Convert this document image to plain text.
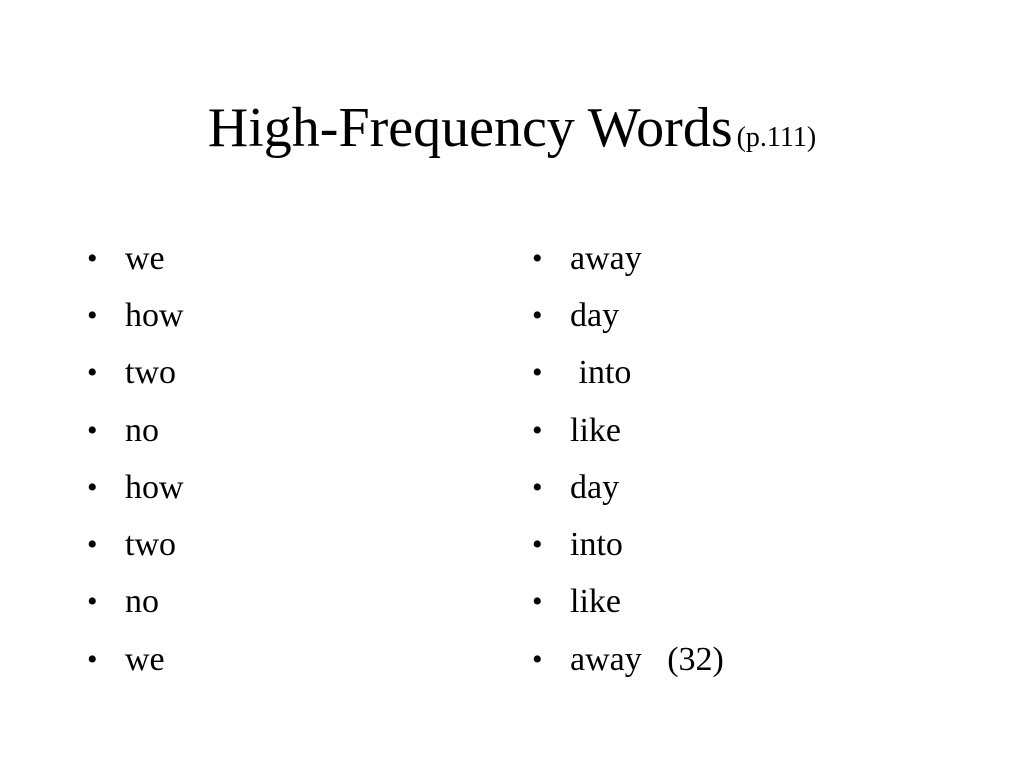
High-Frequency Words (p.111)
• we
• how
• two
• no
• how
• two
• no
• we
• away
• day
• into
• like
• day
• into
• like
• away   (32)
